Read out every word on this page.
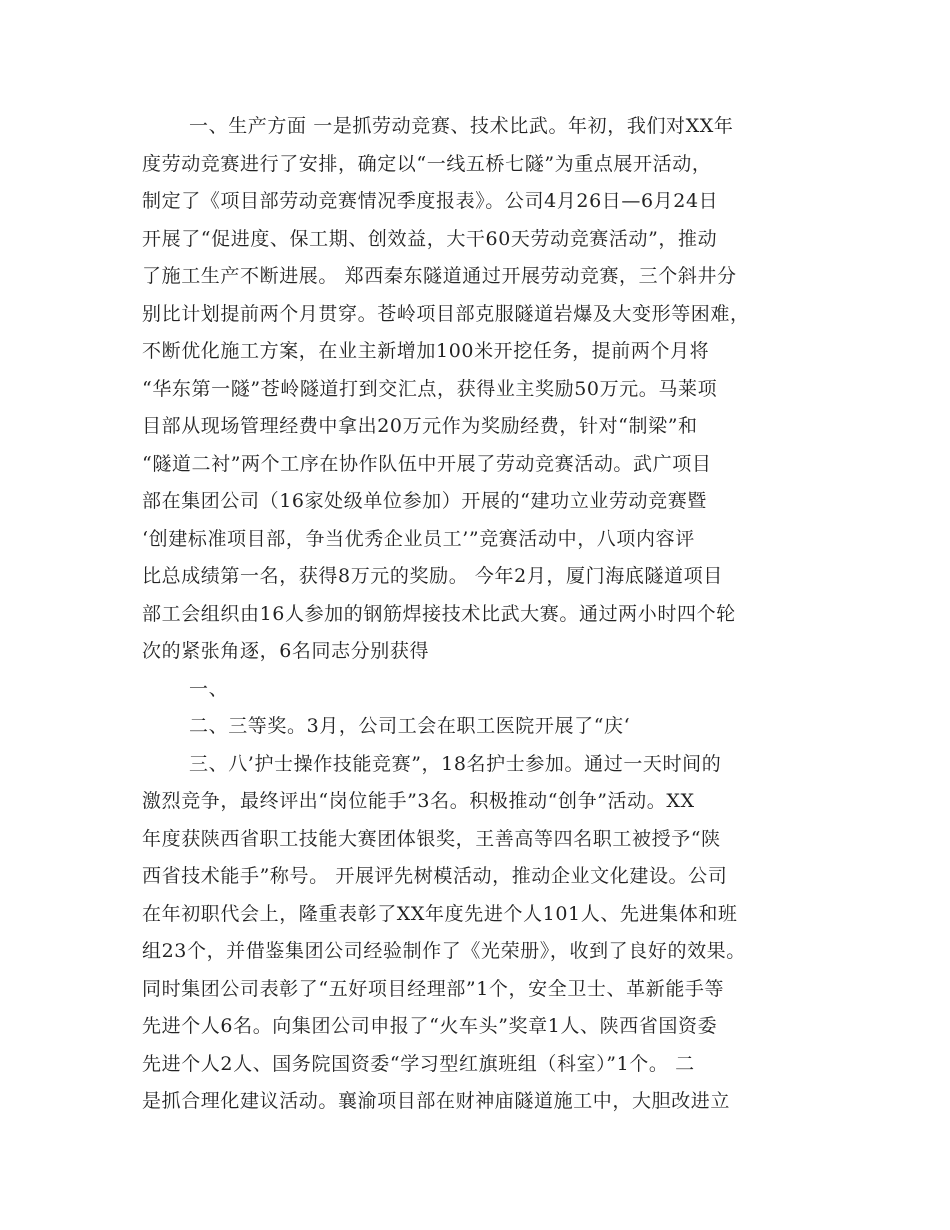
一、生产方面 一是抓劳动竞赛、技术比武。年初，我们对XX年
度劳动竞赛进行了安排，确定以“一线五桥七隧”为重点展开活动，
制定了《项目部劳动竞赛情况季度报表》。公司4月26日—6月24日
开展了“促进度、保工期、创效益，大干60天劳动竞赛活动”，推动
了施工生产不断进展。 郑西秦东隧道通过开展劳动竞赛，三个斜井分
别比计划提前两个月贯穿。苍岭项目部克服隧道岩爆及大变形等困难，
不断优化施工方案，在业主新增加100米开挖任务，提前两个月将
“华东第一隧”苍岭隧道打到交汇点，获得业主奖励50万元。马莱项
目部从现场管理经费中拿出20万元作为奖励经费，针对“制梁”和
“隧道二衬”两个工序在协作队伍中开展了劳动竞赛活动。武广项目
部在集团公司（16家处级单位参加）开展的“建功立业劳动竞赛暨
‘创建标准项目部，争当优秀企业员工’”竞赛活动中，八项内容评
比总成绩第一名，获得8万元的奖励。 今年2月，厦门海底隧道项目
部工会组织由16人参加的钢筋焊接技术比武大赛。通过两小时四个轮
次的紧张角逐，6名同志分别获得
一、
二、三等奖。3月，公司工会在职工医院开展了“庆‘
三、八’护士操作技能竞赛”，18名护士参加。通过一天时间的
激烈竞争，最终评出“岗位能手”3名。积极推动“创争”活动。XX
年度获陕西省职工技能大赛团体银奖，王善高等四名职工被授予“陕
西省技术能手”称号。 开展评先树模活动，推动企业文化建设。公司
在年初职代会上，隆重表彰了XX年度先进个人101人、先进集体和班
组23个，并借鉴集团公司经验制作了《光荣册》，收到了良好的效果。
同时集团公司表彰了“五好项目经理部”1个，安全卫士、革新能手等
先进个人6名。向集团公司申报了“火车头”奖章1人、陕西省国资委
先进个人2人、国务院国资委“学习型红旗班组（科室）”1个。 二
是抓合理化建议活动。襄渝项目部在财神庙隧道施工中，大胆改进立
